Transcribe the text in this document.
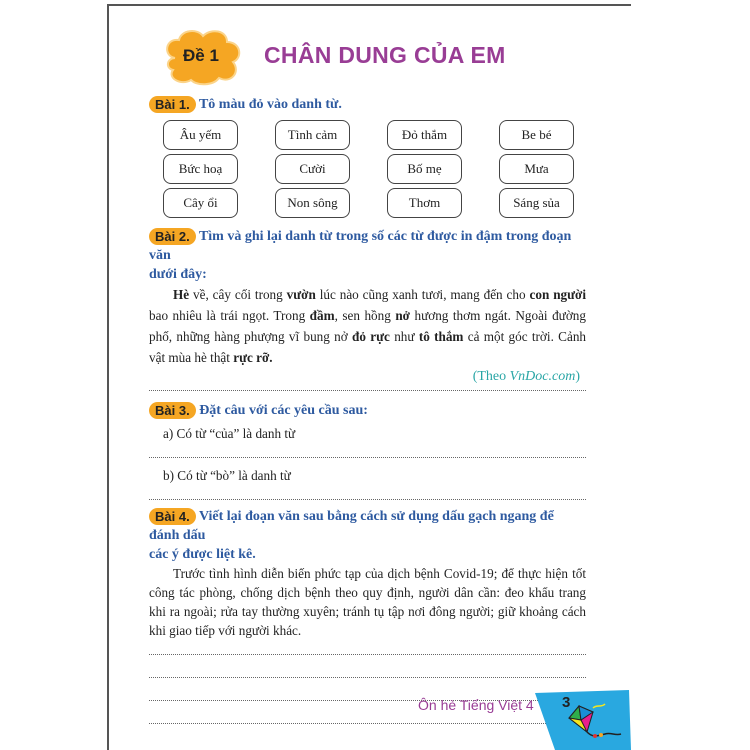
Đề 1	CHÂN DUNG CỦA EM
Bài 1. Tô màu đỏ vào danh từ.
Âu yếm	Tình cảm	Đỏ thắm	Be bé
Bức hoạ	Cười	Bố mẹ	Mưa
Cây ổi	Non sông	Thơm	Sáng sủa
Bài 2. Tìm và ghi lại danh từ trong số các từ được in đậm trong đoạn văn
dưới đây:
Hè về, cây cối trong vườn lúc nào cũng xanh tươi, mang đến cho con người bao nhiêu là trái ngọt. Trong đầm, sen hồng nở hương thơm ngát. Ngoài đường phố, những hàng phượng vĩ bung nở đỏ rực như tô thắm cả một góc trời. Cảnh vật mùa hè thật rực rỡ.
(Theo VnDoc.com)
Bài 3. Đặt câu với các yêu cầu sau:
a) Có từ “của” là danh từ
b) Có từ “bò” là danh từ
Bài 4. Viết lại đoạn văn sau bằng cách sử dụng dấu gạch ngang để đánh dấu
các ý được liệt kê.
Trước tình hình diễn biến phức tạp của dịch bệnh Covid-19; để thực hiện tốt công tác phòng, chống dịch bệnh theo quy định, người dân cần: đeo khẩu trang khi ra ngoài; rửa tay thường xuyên; tránh tụ tập nơi đông người; giữ khoảng cách khi giao tiếp với người khác.
Ôn hè Tiếng Việt 4 3
